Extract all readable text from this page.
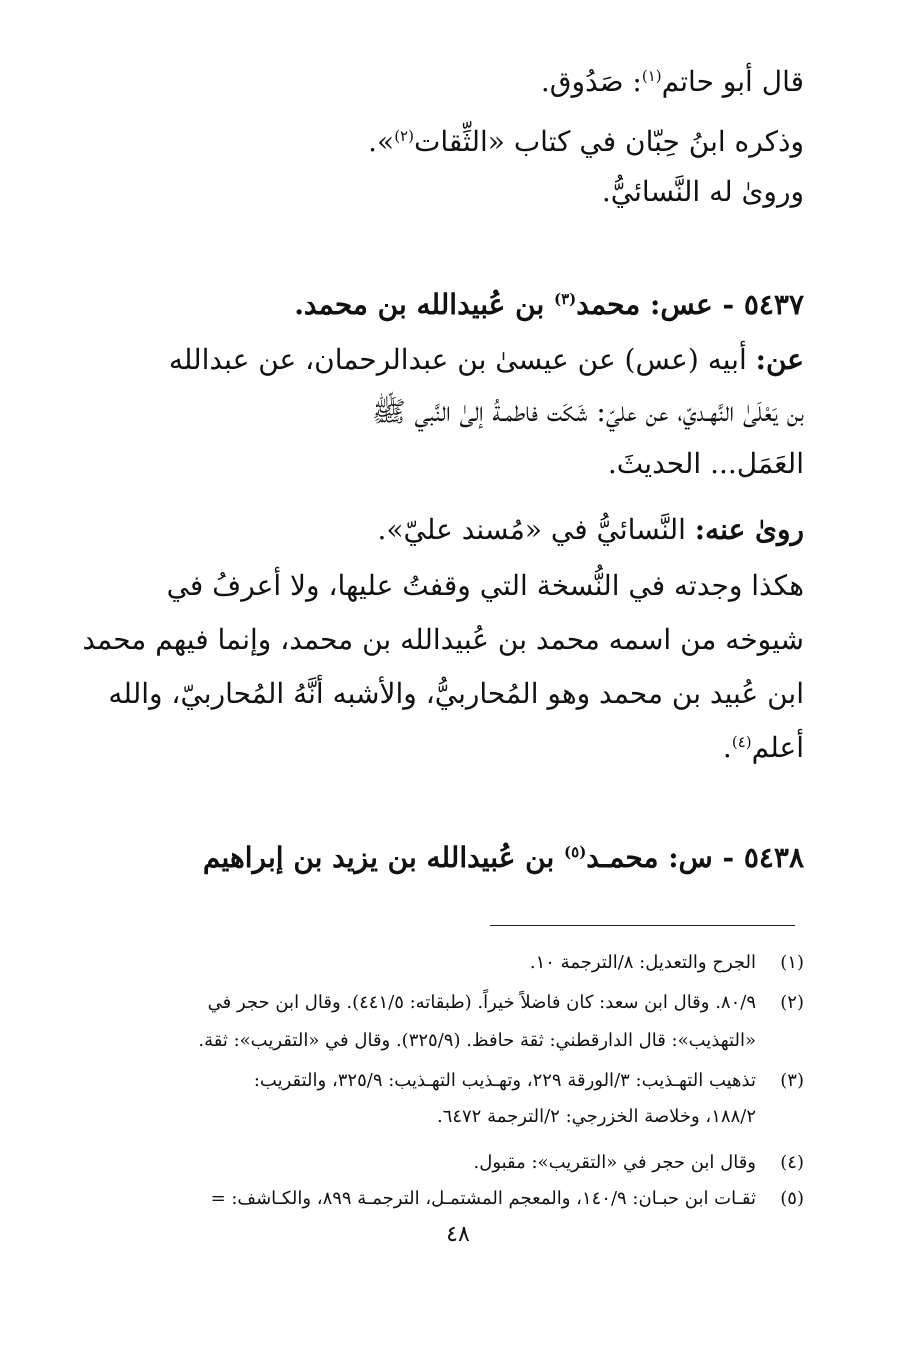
قال أبو حاتم$^{(١)}$: صَدُوق.
وذكره ابنُ حِبّان في كتاب «الثِّقات$^{(٢)}$».
وروىٰ له النَّسائيُّ.
٥٤٣٧ - عس: محمد$^{(٣)}$ بن عُبيدالله بن محمد.
عن: أبيه (عس) عن عيسىٰ بن عبدالرحمان، عن عبدالله
بن يَعْلَىٰ النَّهـديّ، عن عليّ: شَكَت فاطمـةُ إلىٰ النَّبي ﷺ
العَمَل... الحديثَ.
روىٰ عنه: النَّسائيُّ في «مُسند عليّ».
هكذا وجدته في النُّسخة التي وقفتُ عليها، ولا أعرفُ في
شيوخه من اسمه محمد بن عُبيدالله بن محمد، وإنما فيهم محمد
ابن عُبيد بن محمد وهو المُحاربيُّ، والأشبه أنَّهُ المُحاربيّ، والله
أعلم$^{(٤)}$.
٥٤٣٨ - س: محمـد$^{(٥)}$ بن عُبيدالله بن يزيد بن إبراهيم
(١)الجرح والتعديل: ٨/الترجمة ١٠.
(٢)٨٠/٩. وقال ابن سعد: كان فاضلاً خيراً. (طبقاته: ٤٤١/٥). وقال ابن حجر في
«التهذيب»: قال الدارقطني: ثقة حافظ. (٣٢٥/٩). وقال في «التقريب»: ثقة.
(٣)تذهيب التهـذيب: ٣/الورقة ٢٢٩، وتهـذيب التهـذيب: ٣٢٥/٩، والتقريب:
١٨٨/٢، وخلاصة الخزرجي: ٢/الترجمة ٦٤٧٢.
(٤)وقال ابن حجر في «التقريب»: مقبول.
(٥)ثقـات ابن حبـان: ١٤٠/٩، والمعجم المشتمـل، الترجمـة ٨٩٩، والكـاشف: =
٤٨
